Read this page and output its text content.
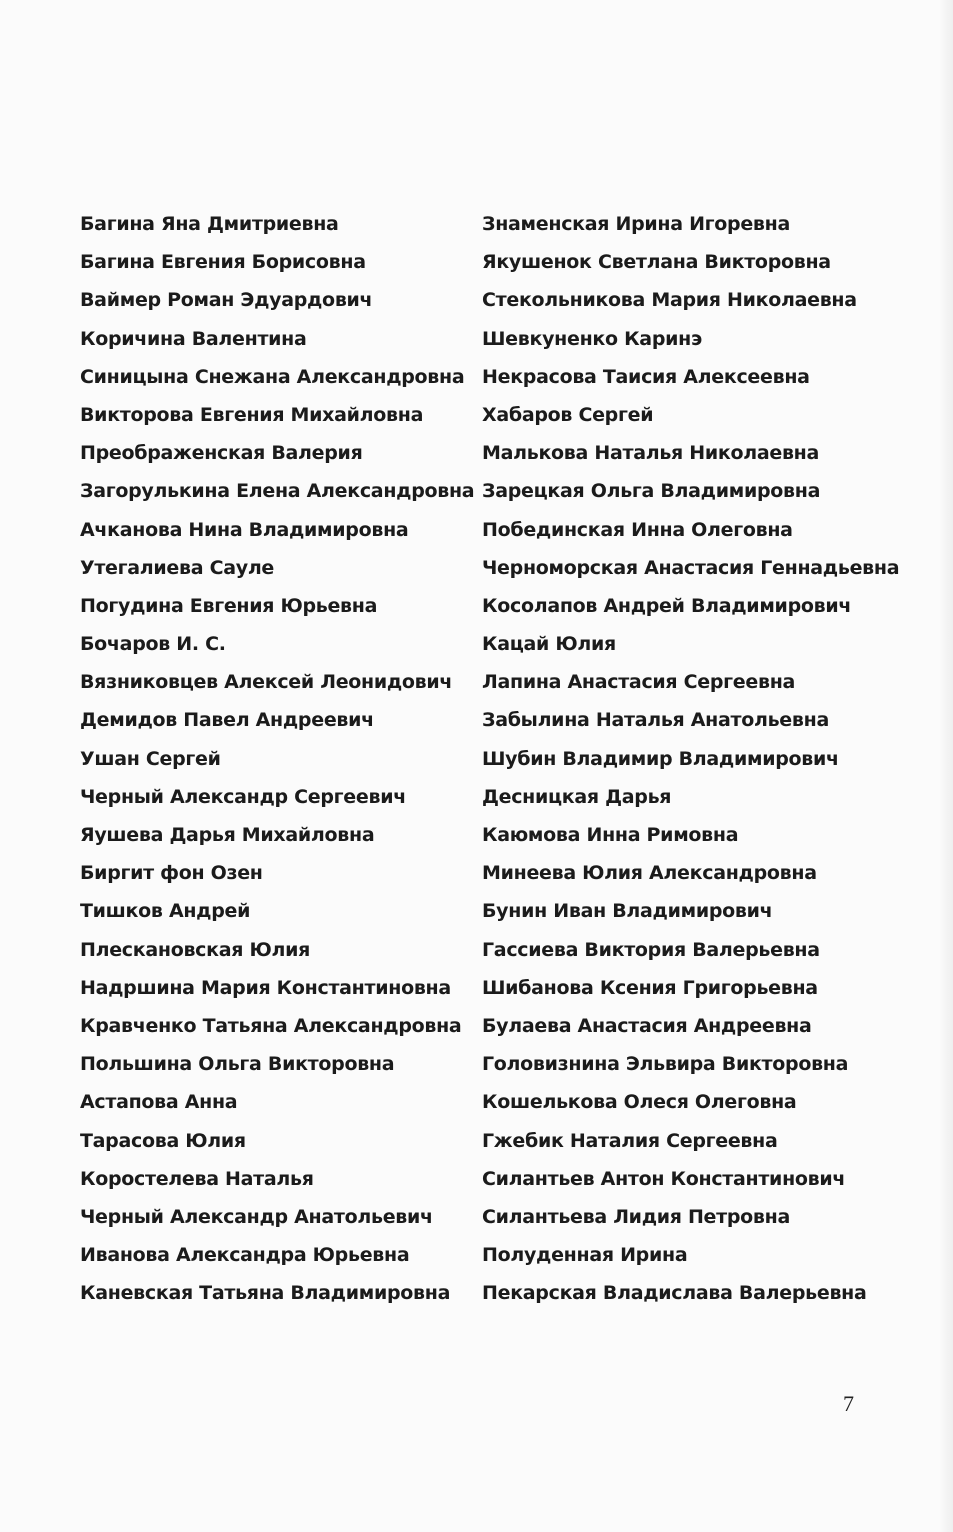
Багина Яна Дмитриевна
Багина Евгения Борисовна
Ваймер Роман Эдуардович
Коричина Валентина
Синицына Снежана Александровна
Викторова Евгения Михайловна
Преображенская Валерия
Загорулькина Елена Александровна
Ачканова Нина Владимировна
Утегалиева Сауле
Погудина Евгения Юрьевна
Бочаров И. С.
Вязниковцев Алексей Леонидович
Демидов Павел Андреевич
Ушан Сергей
Черный Александр Сергеевич
Яушева Дарья Михайловна
Биргит фон Озен
Тишков Андрей
Плескановская Юлия
Надршина Мария Константиновна
Кравченко Татьяна Александровна
Польшина Ольга Викторовна
Астапова Анна
Тарасова Юлия
Коростелева Наталья
Черный Александр Анатольевич
Иванова Александра Юрьевна
Каневская Татьяна Владимировна
Знаменская Ирина Игоревна
Якушенок Светлана Викторовна
Стекольникова Мария Николаевна
Шевкуненко Каринэ
Некрасова Таисия Алексеевна
Хабаров Сергей
Малькова Наталья Николаевна
Зарецкая Ольга Владимировна
Побединская Инна Олеговна
Черноморская Анастасия Геннадьевна
Косолапов Андрей Владимирович
Кацай Юлия
Лапина Анастасия Сергеевна
Забылина Наталья Анатольевна
Шубин Владимир Владимирович
Десницкая Дарья
Каюмова Инна Римовна
Минеева Юлия Александровна
Бунин Иван Владимирович
Гассиева Виктория Валерьевна
Шибанова Ксения Григорьевна
Булаева Анастасия Андреевна
Головизнина Эльвира Викторовна
Кошелькова Олеся Олеговна
Гжебик Наталия Сергеевна
Силантьев Антон Константинович
Силантьева Лидия Петровна
Полуденная Ирина
Пекарская Владислава Валерьевна
7
